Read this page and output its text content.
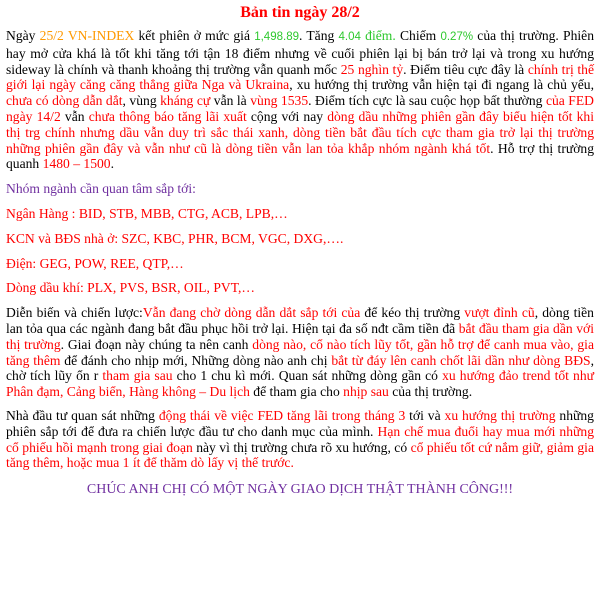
Bản tin ngày 28/2

Ngày 25/2 VN-INDEX kết phiên ở mức giá 1,498.89. Tăng 4.04 điểm. Chiếm 0.27% của thị trường. Phiên hay mở cửa khá là tốt khi tăng tới tận 18 điểm nhưng về cuối phiên lại bị bán trở lại và trong xu hướng sideway là chính và thanh khoảng thị trường vẫn quanh mốc 25 nghìn tỷ. Điểm tiêu cực đây là chính trị thế giới lại ngày căng căng thẳng giữa Nga và Ukraina, xu hướng thị trường vẫn hiện tại đi ngang là chủ yếu, chưa có dòng dẫn dắt, vùng kháng cự vẫn là vùng 1535. Điểm tích cực là sau cuộc họp bất thường của FED ngày 14/2 vẫn chưa thông báo tăng lãi xuất cộng với nay dòng dầu những phiên gần đây biểu hiện tốt khi thị trg chính nhưng dầu vẫn duy trì sắc thái xanh, dòng tiền bắt đầu tích cực tham gia trở lại thị trường những phiên gần đây và vẫn như cũ là dòng tiền vẫn lan tỏa khắp nhóm ngành khá tốt. Hỗ trợ thị trường quanh 1480 – 1500.

Nhóm ngành cần quan tâm sắp tới:

Ngân Hàng : BID, STB, MBB, CTG, ACB, LPB,…
KCN và BĐS nhà ở: SZC, KBC, PHR, BCM, VGC, DXG,….
Điện: GEG, POW, REE, QTP,…
Dòng dầu khí: PLX, PVS, BSR, OIL, PVT,…

Diễn biến và chiến lược:Vẫn đang chờ dòng dẫn dắt sắp tới của để kéo thị trường vượt đỉnh cũ, dòng tiền lan tỏa qua các ngành đang bắt đầu phục hồi trở lại. Hiện tại đa số nđt cầm tiền đã bắt đầu tham gia dần với thị trường. Giai đoạn này chúng ta nên canh dòng nào, cổ nào tích lũy tốt, gần hỗ trợ để canh mua vào, gia tăng thêm để đánh cho nhịp mới, Những dòng nào anh chị bắt từ đáy lên canh chốt lãi dần như dòng BĐS, chờ tích lũy ổn r tham gia sau cho 1 chu kì mới. Quan sát những dòng gần có xu hướng đảo trend tốt như Phân đạm, Cảng biển, Hàng không – Du lịch để tham gia cho nhịp sau của thị trường.

Nhà đầu tư quan sát những động thái về việc FED tăng lãi trong tháng 3 tới và xu hướng thị trường những phiên sắp tới để đưa ra chiến lược đầu tư cho danh mục của mình. Hạn chế mua đuổi hay mua mới những cổ phiếu hồi mạnh trong giai đoạn này vì thị trường chưa rõ xu hướng, có cổ phiếu tốt cứ nắm giữ, giảm gia tăng thêm, hoặc mua 1 ít để thăm dò lấy vị thế trước.

CHÚC ANH CHỊ CÓ MỘT NGÀY GIAO DỊCH THẬT THÀNH CÔNG!!!
